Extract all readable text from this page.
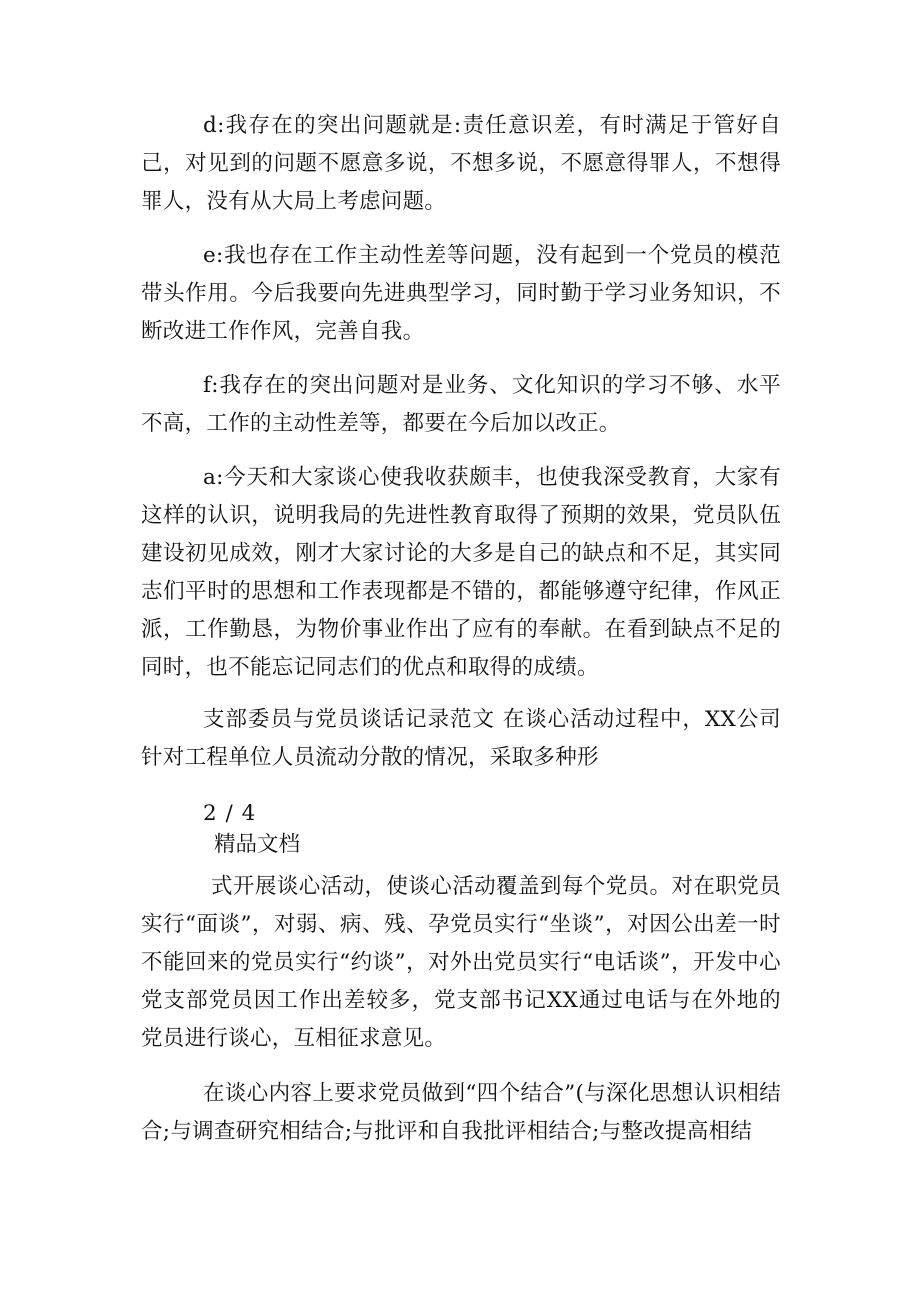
d:我存在的突出问题就是:责任意识差，有时满足于管好自己，对见到的问题不愿意多说，不想多说，不愿意得罪人，不想得罪人，没有从大局上考虑问题。

e:我也存在工作主动性差等问题，没有起到一个党员的模范带头作用。今后我要向先进典型学习，同时勤于学习业务知识，不断改进工作作风，完善自我。

f:我存在的突出问题对是业务、文化知识的学习不够、水平不高，工作的主动性差等，都要在今后加以改正。

a:今天和大家谈心使我收获颇丰，也使我深受教育，大家有这样的认识，说明我局的先进性教育取得了预期的效果，党员队伍建设初见成效，刚才大家讨论的大多是自己的缺点和不足，其实同志们平时的思想和工作表现都是不错的，都能够遵守纪律，作风正派，工作勤恳，为物价事业作出了应有的奉献。在看到缺点不足的同时，也不能忘记同志们的优点和取得的成绩。

支部委员与党员谈话记录范文 在谈心活动过程中，XX公司针对工程单位人员流动分散的情况，采取多种形

2 / 4

精品文档

式开展谈心活动，使谈心活动覆盖到每个党员。对在职党员实行“面谈”，对弱、病、残、孕党员实行“坐谈”，对因公出差一时不能回来的党员实行“约谈”，对外出党员实行“电话谈”，开发中心党支部党员因工作出差较多，党支部书记XX通过电话与在外地的党员进行谈心，互相征求意见。

在谈心内容上要求党员做到“四个结合”(与深化思想认识相结合;与调查研究相结合;与批评和自我批评相结合;与整改提高相结
